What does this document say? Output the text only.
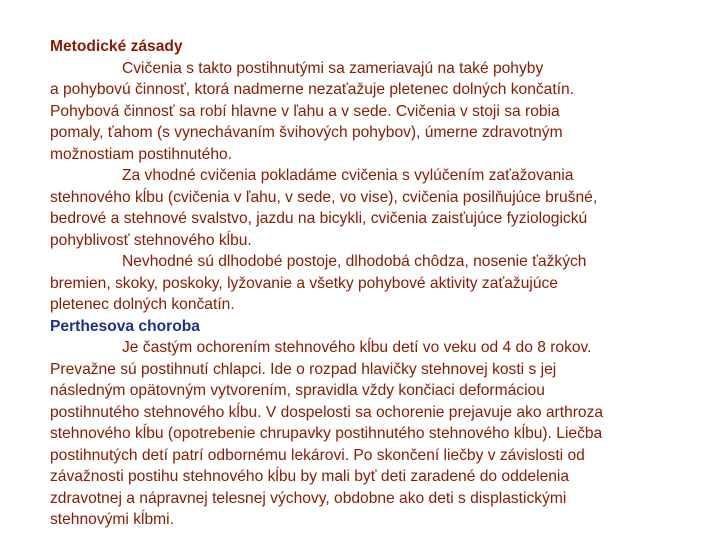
Metodické zásady

Cvičenia s takto postihnutými sa zameriavajú na také pohyby
a pohybovú činnosť, ktorá nadmerne nezaťažuje pletenec dolných končatín.
Pohybová činnosť sa robí hlavne v ľahu a v sede. Cvičenia v stoji sa robia
pomaly, ťahom (s vynechávaním švihových pohybov), úmerne zdravotným
možnostiam postihnutého.

Za vhodné cvičenia pokladáme cvičenia s vylúčením zaťažovania
stehnového kĺbu (cvičenia v ľahu, v sede, vo vise), cvičenia posilňujúce brušné,
bedrové a stehnové svalstvo, jazdu na bicykli, cvičenia zaisťujúce fyziologickú
pohyblivosť stehnového kĺbu.

Nevhodné sú dlhodobé postoje, dlhodobá chôdza, nosenie ťažkých
bremien, skoky, poskoky, lyžovanie a všetky pohybové aktivity zaťažujúce
pletenec dolných končatín.

Perthesova choroba

Je častým ochorením stehnového kĺbu detí vo veku od 4 do 8 rokov.
Prevažne sú postihnutí chlapci. Ide o rozpad hlavičky stehnovej kosti s jej
následným opätovným vytvorením, spravidla vždy končiaci deformáciou
postihnutého stehnového kĺbu. V dospelosti sa ochorenie prejavuje ako arthroza
stehnového kĺbu (opotrebenie chrupavky postihnutého stehnového kĺbu). Liečba
postihnutých detí patrí odbornému lekárovi. Po skončení liečby v závislosti od
závažnosti postihu stehnového kĺbu by mali byť deti zaradené do oddelenia
zdravotnej a nápravnej telesnej výchovy, obdobne ako deti s displastickými
stehnovými kĺbmi.
